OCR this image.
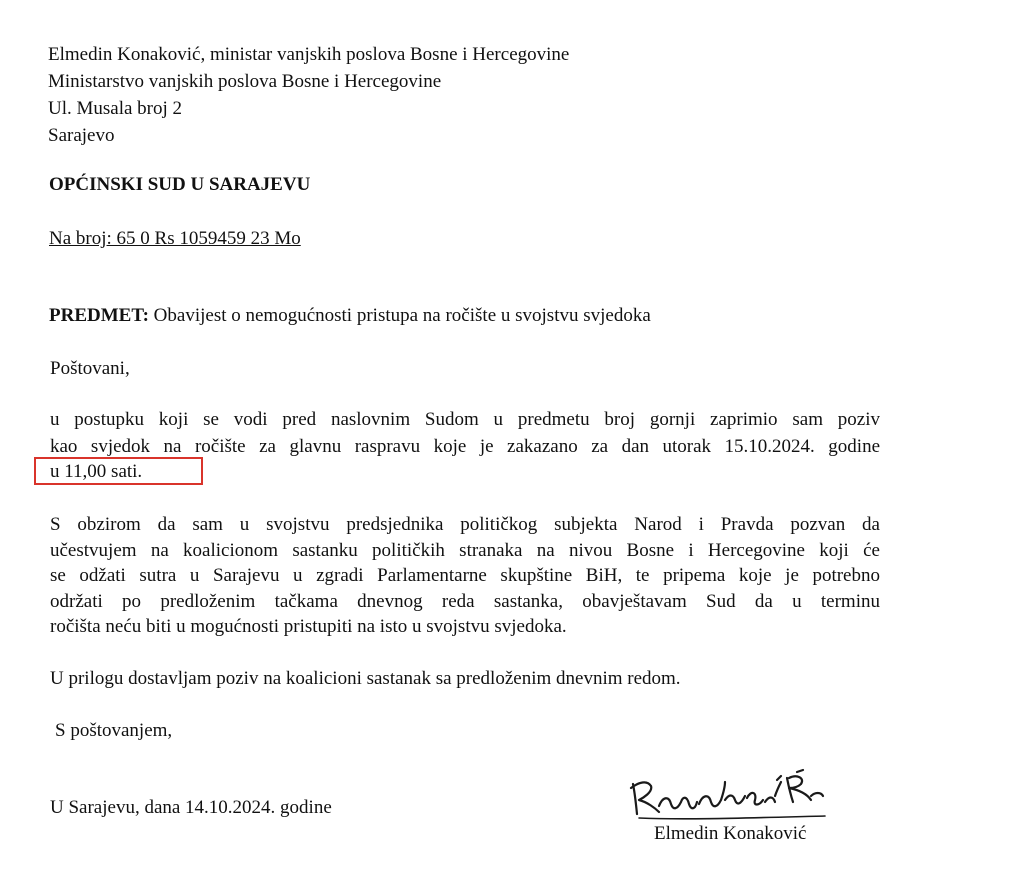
Elmedin Konaković, ministar vanjskih poslova Bosne i Hercegovine
Ministarstvo vanjskih poslova Bosne i Hercegovine
Ul. Musala broj 2
Sarajevo
OPĆINSKI SUD U SARAJEVU
Na broj: 65 0 Rs 1059459 23 Mo
PREDMET: Obavijest o nemogućnosti pristupa na ročište u svojstvu svjedoka
Poštovani,
u postupku koji se vodi pred naslovnim Sudom u predmetu broj gornji zaprimio sam poziv
kao svjedok na ročište za glavnu raspravu koje je zakazano za dan utorak 15.10.2024. godine
u 11,00 sati.
S obzirom da sam u svojstvu predsjednika političkog subjekta Narod i Pravda pozvan da
učestvujem na koalicionom sastanku političkih stranaka na nivou Bosne i Hercegovine koji će
se odžati sutra u Sarajevu u zgradi Parlamentarne skupštine BiH, te pripema koje je potrebno
održati po predloženim tačkama dnevnog reda sastanka, obavještavam Sud da u terminu
ročišta neću biti u mogućnosti pristupiti na isto u svojstvu svjedoka.
U prilogu dostavljam poziv na koalicioni sastanak sa predloženim dnevnim redom.
S poštovanjem,
U Sarajevu, dana 14.10.2024. godine
Elmedin Konaković
